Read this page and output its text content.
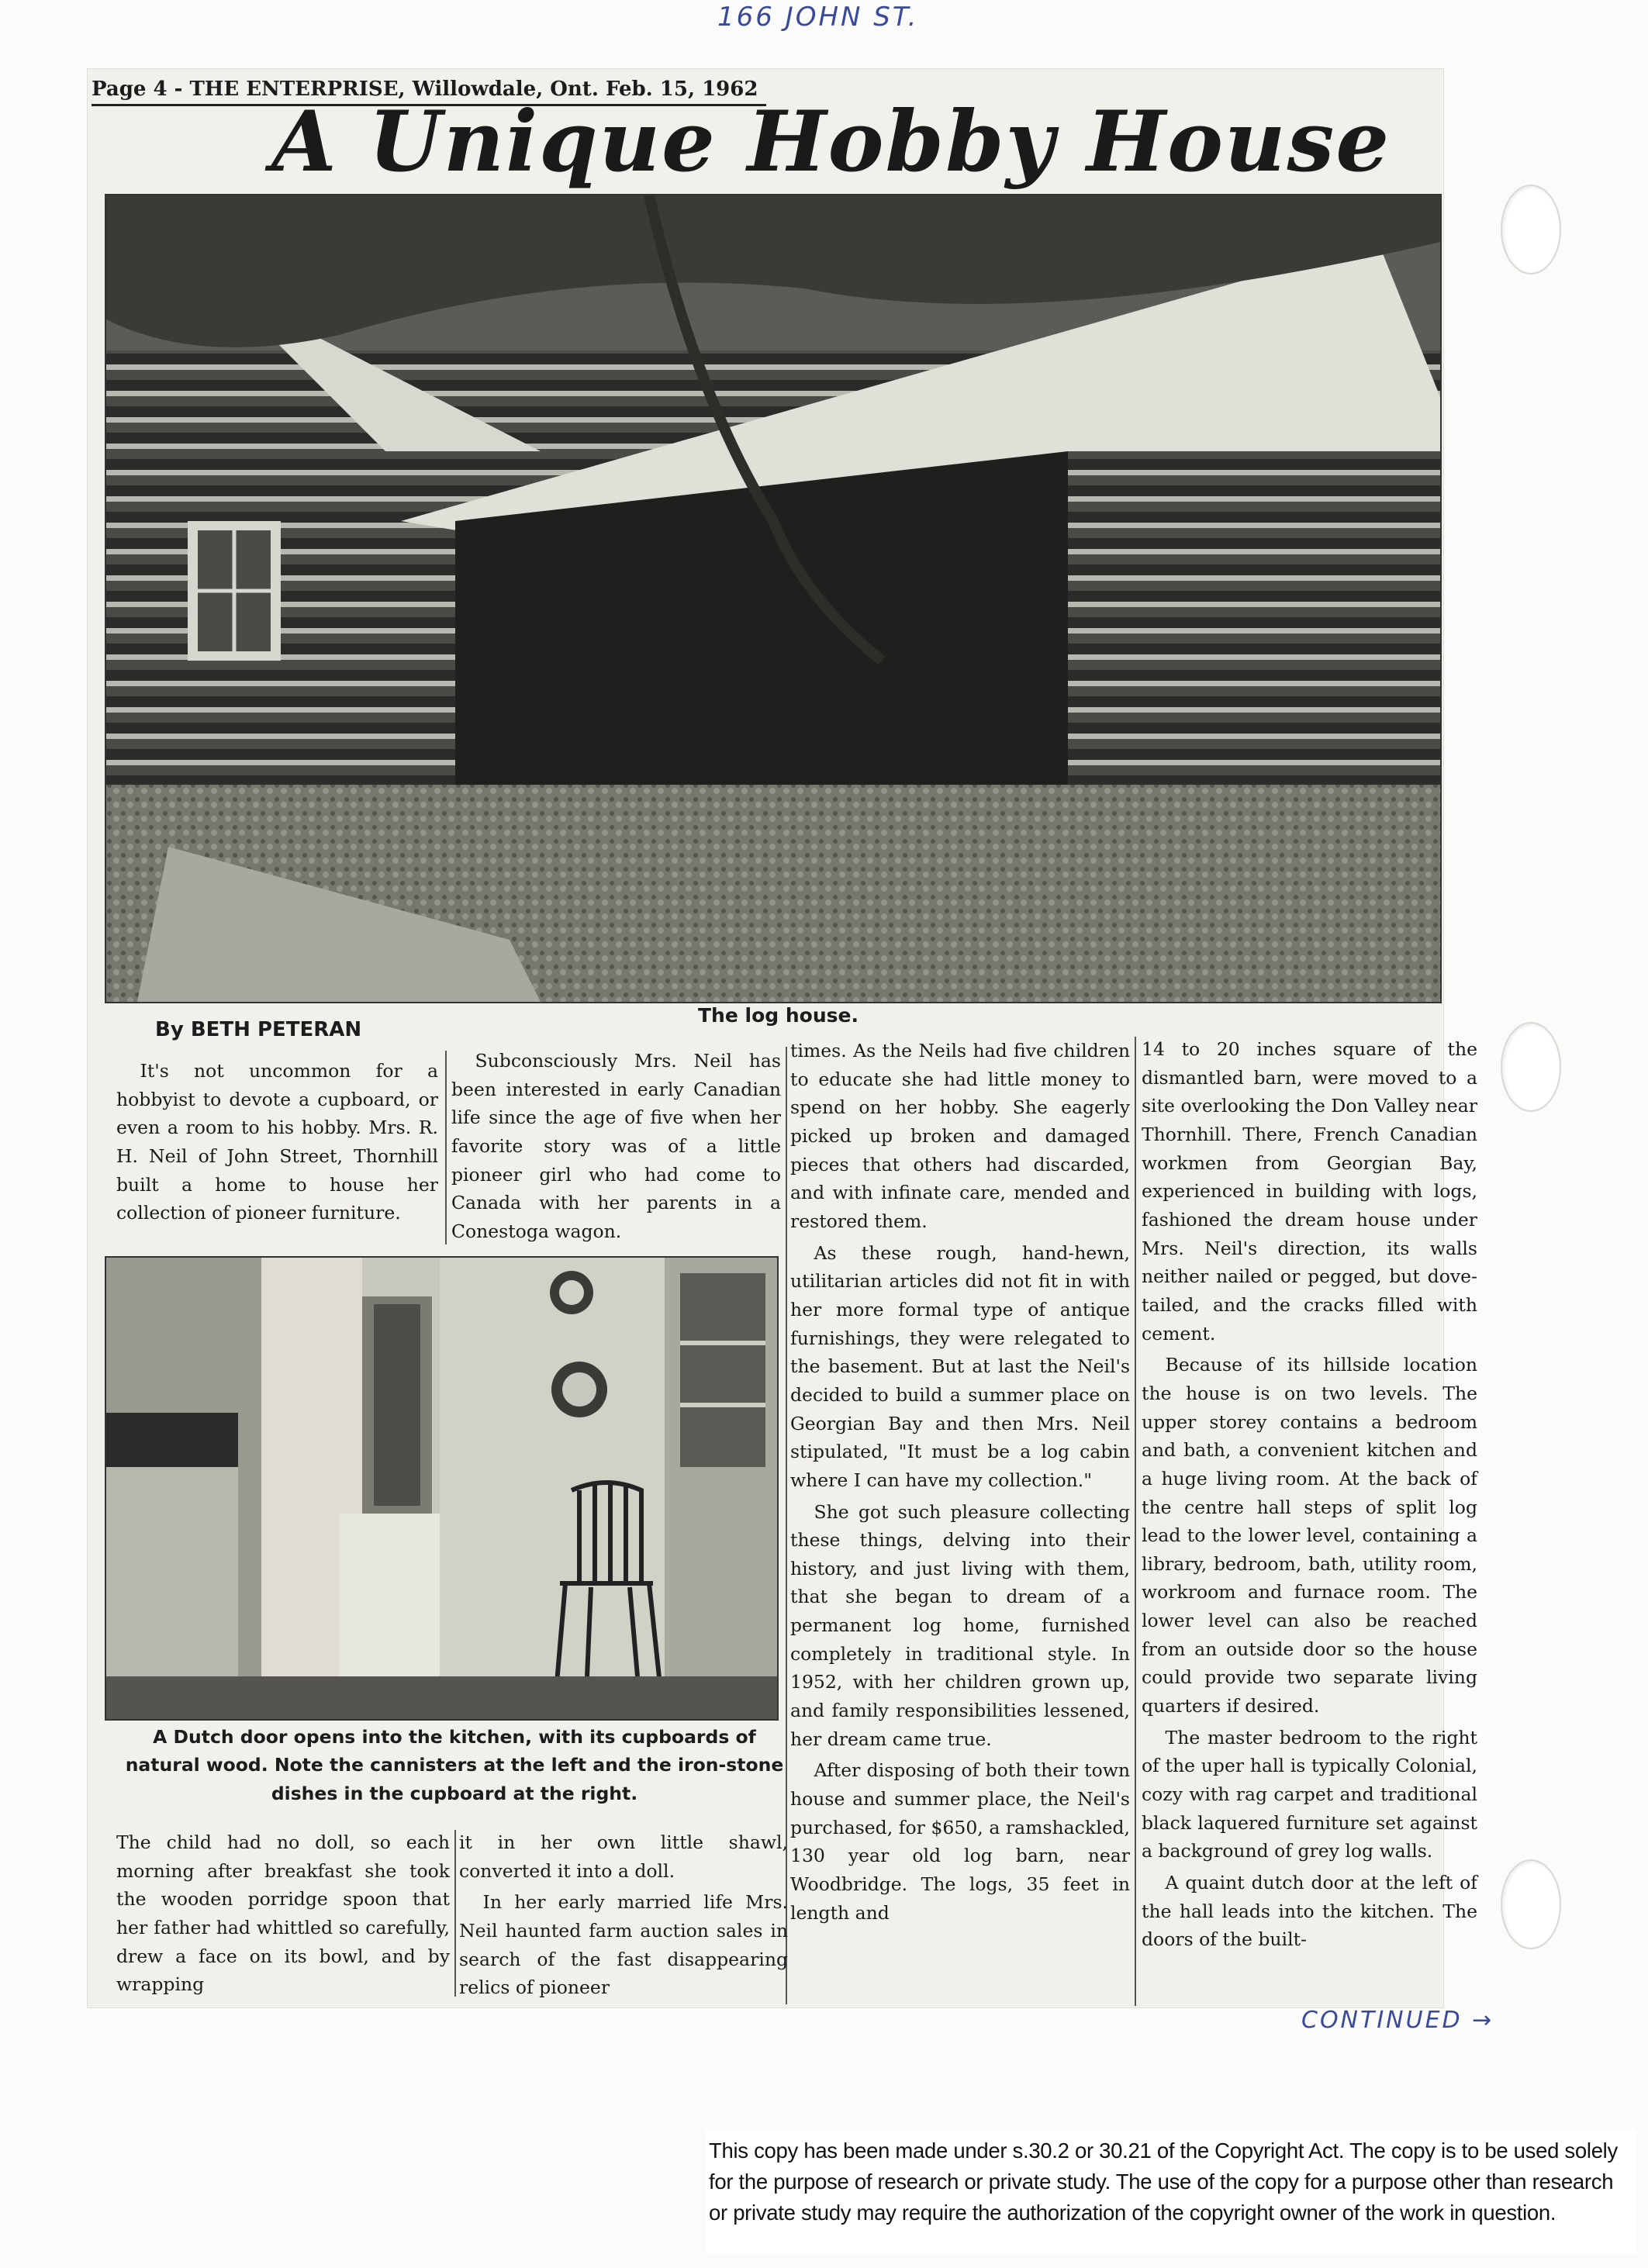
166 JOHN ST.
Page 4 - THE ENTERPRISE, Willowdale, Ont. Feb. 15, 1962
A Unique Hobby House
The log house.
By BETH PETERAN

It's not uncommon for a hobbyist to devote a cupboard, or even a room to his hobby. Mrs. R. H. Neil of John Street, Thornhill built a home to house her collection of pioneer furniture.

Subconsciously Mrs. Neil has been interested in early Canadian life since the age of five when her favorite story was of a little pioneer girl who had come to Canada with her parents in a Conestoga wagon.

A Dutch door opens into the kitchen, with its cupboards of natural wood. Note the cannisters at the left and the iron-stone dishes in the cupboard at the right.

The child had no doll, so each morning after breakfast she took the wooden porridge spoon that her father had whittled so carefully, drew a face on its bowl, and by wrapping

it in her own little shawl, converted it into a doll.

In her early married life Mrs. Neil haunted farm auction sales in search of the fast disappearing relics of pioneer

times. As the Neils had five children to educate she had little money to spend on her hobby. She eagerly picked up broken and damaged pieces that others had discarded, and with infinate care, mended and restored them.

As these rough, hand-hewn, utilitarian articles did not fit in with her more formal type of antique furnishings, they were relegated to the basement. But at last the Neil's decided to build a summer place on Georgian Bay and then Mrs. Neil stipulated, "It must be a log cabin where I can have my collection."

She got such pleasure collecting these things, delving into their history, and just living with them, that she began to dream of a permanent log home, furnished completely in traditional style. In 1952, with her children grown up, and family responsibilities lessened, her dream came true.

After disposing of both their town house and summer place, the Neil's purchased, for $650, a ramshackled, 130 year old log barn, near Woodbridge. The logs, 35 feet in length and

14 to 20 inches square of the dismantled barn, were moved to a site overlooking the Don Valley near Thornhill. There, French Canadian workmen from Georgian Bay, experienced in building with logs, fashioned the dream house under Mrs. Neil's direction, its walls neither nailed or pegged, but dove-tailed, and the cracks filled with cement.

Because of its hillside location the house is on two levels. The upper storey contains a bedroom and bath, a convenient kitchen and a huge living room. At the back of the centre hall steps of split log lead to the lower level, containing a library, bedroom, bath, utility room, workroom and furnace room. The lower level can also be reached from an outside door so the house could provide two separate living quarters if desired.

The master bedroom to the right of the uper hall is typically Colonial, cozy with rag carpet and traditional black laquered furniture set against a background of grey log walls.

A quaint dutch door at the left of the hall leads into the kitchen. The doors of the built-

CONTINUED →
This copy has been made under s.30.2 or 30.21 of the Copyright Act. The copy is to be used solely for the purpose of research or private study. The use of the copy for a purpose other than research or private study may require the authorization of the copyright owner of the work in question.
